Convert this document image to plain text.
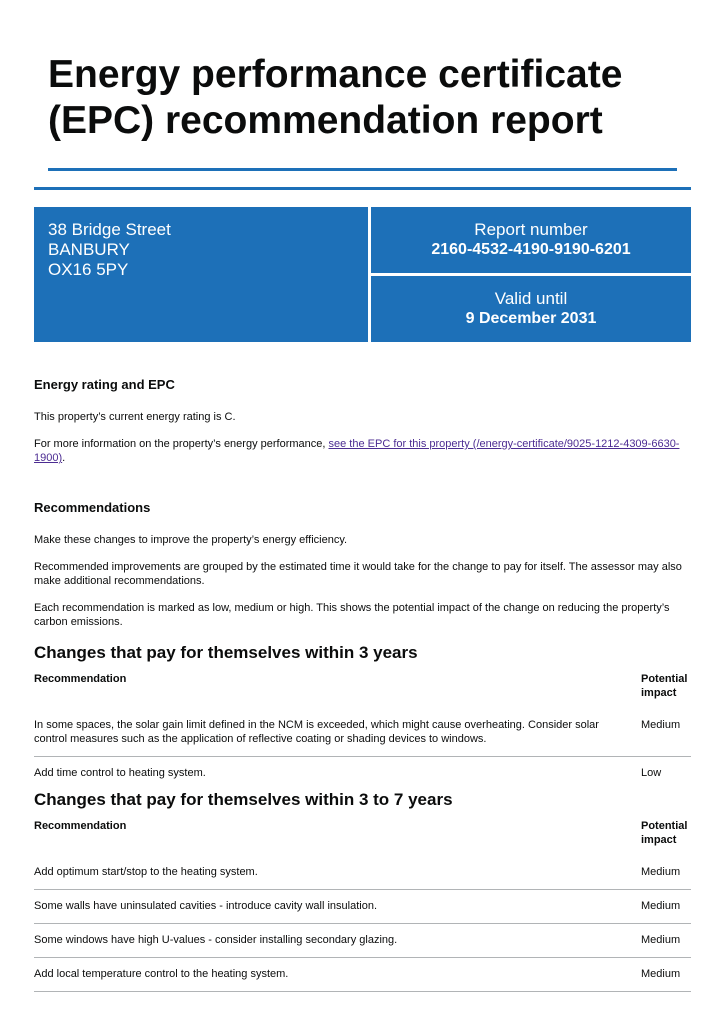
Energy performance certificate (EPC) recommendation report
38 Bridge Street
BANBURY
OX16 5PY
Report number
2160-4532-4190-9190-6201
Valid until
9 December 2031
Energy rating and EPC

This property’s current energy rating is C.

For more information on the property’s energy performance, see the EPC for this property (/energy-certificate/9025-1212-4309-6630-1900).

Recommendations

Make these changes to improve the property’s energy efficiency.

Recommended improvements are grouped by the estimated time it would take for the change to pay for itself. The assessor may also make additional recommendations.

Each recommendation is marked as low, medium or high. This shows the potential impact of the change on reducing the property’s carbon emissions.

Changes that pay for themselves within 3 years
Recommendation	Potential impact
In some spaces, the solar gain limit defined in the NCM is exceeded, which might cause overheating. Consider solar control measures such as the application of reflective coating or shading devices to windows.	Medium
Add time control to heating system.	Low
Changes that pay for themselves within 3 to 7 years
Recommendation	Potential impact
Add optimum start/stop to the heating system.	Medium
Some walls have uninsulated cavities - introduce cavity wall insulation.	Medium
Some windows have high U-values - consider installing secondary glazing.	Medium
Add local temperature control to the heating system.	Medium
